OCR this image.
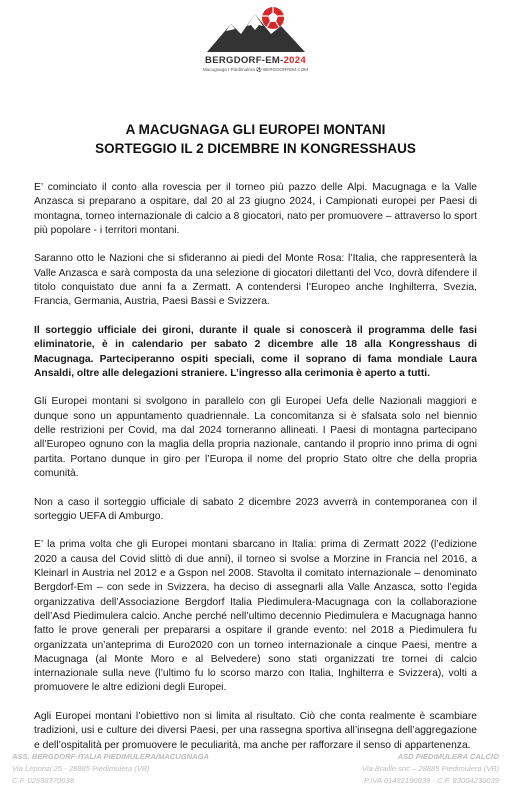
BERGDORF-EM-2024
Macugnaga I Piedimulera ⚽ BERGDORFEM.COM
A MACUGNAGA GLI EUROPEI MONTANI
SORTEGGIO IL 2 DICEMBRE IN KONGRESSHAUS

E’ cominciato il conto alla rovescia per il torneo più pazzo delle Alpi. Macugnaga e la Valle Anzasca si preparano a ospitare, dal 20 al 23 giugno 2024, i Campionati europei per Paesi di montagna, torneo internazionale di calcio a 8 giocatori, nato per promuovere – attraverso lo sport più popolare - i territori montani.

Saranno otto le Nazioni che si sfideranno ai piedi del Monte Rosa: l’Italia, che rappresenterà la Valle Anzasca e sarà composta da una selezione di giocatori dilettanti del Vco, dovrà difendere il titolo conquistato due anni fa a Zermatt. A contendersi l’Europeo anche Inghilterra, Svezia, Francia, Germania, Austria, Paesi Bassi e Svizzera.

Il sorteggio ufficiale dei gironi, durante il quale si conoscerà il programma delle fasi eliminatorie, è in calendario per sabato 2 dicembre alle 18 alla Kongresshaus di Macugnaga. Parteciperanno ospiti speciali, come il soprano di fama mondiale Laura Ansaldi, oltre alle delegazioni straniere. L’ingresso alla cerimonia è aperto a tutti.

Gli Europei montani si svolgono in parallelo con gli Europei Uefa delle Nazionali maggiori e dunque sono un appuntamento quadriennale. La concomitanza si è sfalsata solo nel biennio delle restrizioni per Covid, ma dal 2024 torneranno allineati. I Paesi di montagna partecipano all’Europeo ognuno con la maglia della propria nazionale, cantando il proprio inno prima di ogni partita. Portano dunque in giro per l’Europa il nome del proprio Stato oltre che della propria comunità.

Non a caso il sorteggio ufficiale di sabato 2 dicembre 2023 avverrà in contemporanea con il sorteggio UEFA di Amburgo.

E’ la prima volta che gli Europei montani sbarcano in Italia: prima di Zermatt 2022 (l’edizione 2020 a causa del Covid slittò di due anni), il torneo si svolse a Morzine in Francia nel 2016, a Kleinarl in Austria nel 2012 e a Gspon nel 2008. Stavolta il comitato internazionale – denominato Bergdorf-Em – con sede in Svizzera, ha deciso di assegnarli alla Valle Anzasca, sotto l’egida organizzativa dell’Associazione Bergdorf Italia Piedimulera-Macugnaga con la collaborazione dell’Asd Piedimulera calcio. Anche perché nell’ultimo decennio Piedimulera e Macugnaga hanno fatto le prove generali per prepararsi a ospitare il grande evento: nel 2018 a Piedimulera fu organizzata un’anteprima di Euro2020 con un torneo internazionale a cinque Paesi, mentre a Macugnaga (al Monte Moro e al Belvedere) sono stati organizzati tre tornei di calcio internazionale sulla neve (l’ultimo fu lo scorso marzo con Italia, Inghilterra e Svizzera), volti a promuovere le altre edizioni degli Europei.

Agli Europei montani l’obiettivo non si limita al risultato. Ciò che conta realmente è scambiare tradizioni, usi e culture dei diversi Paesi, per una rassegna sportiva all’insegna dell’aggregazione e dell’ospitalità per promuovere le peculiarità, ma anche per rafforzare il senso di appartenenza.

ASS. BERGDORF-ITALIA PIEDIMULERA/MACUGNAGA
Via Leponzi 25 - 28885 Piedimulera (VB)
C.F. 02538370038
ASD PIEDIMULERA CALCIO
Via Braille snc – 28885 Piedimulera (VB)
P.IVA 01432190039 - C.F. 83004230039
